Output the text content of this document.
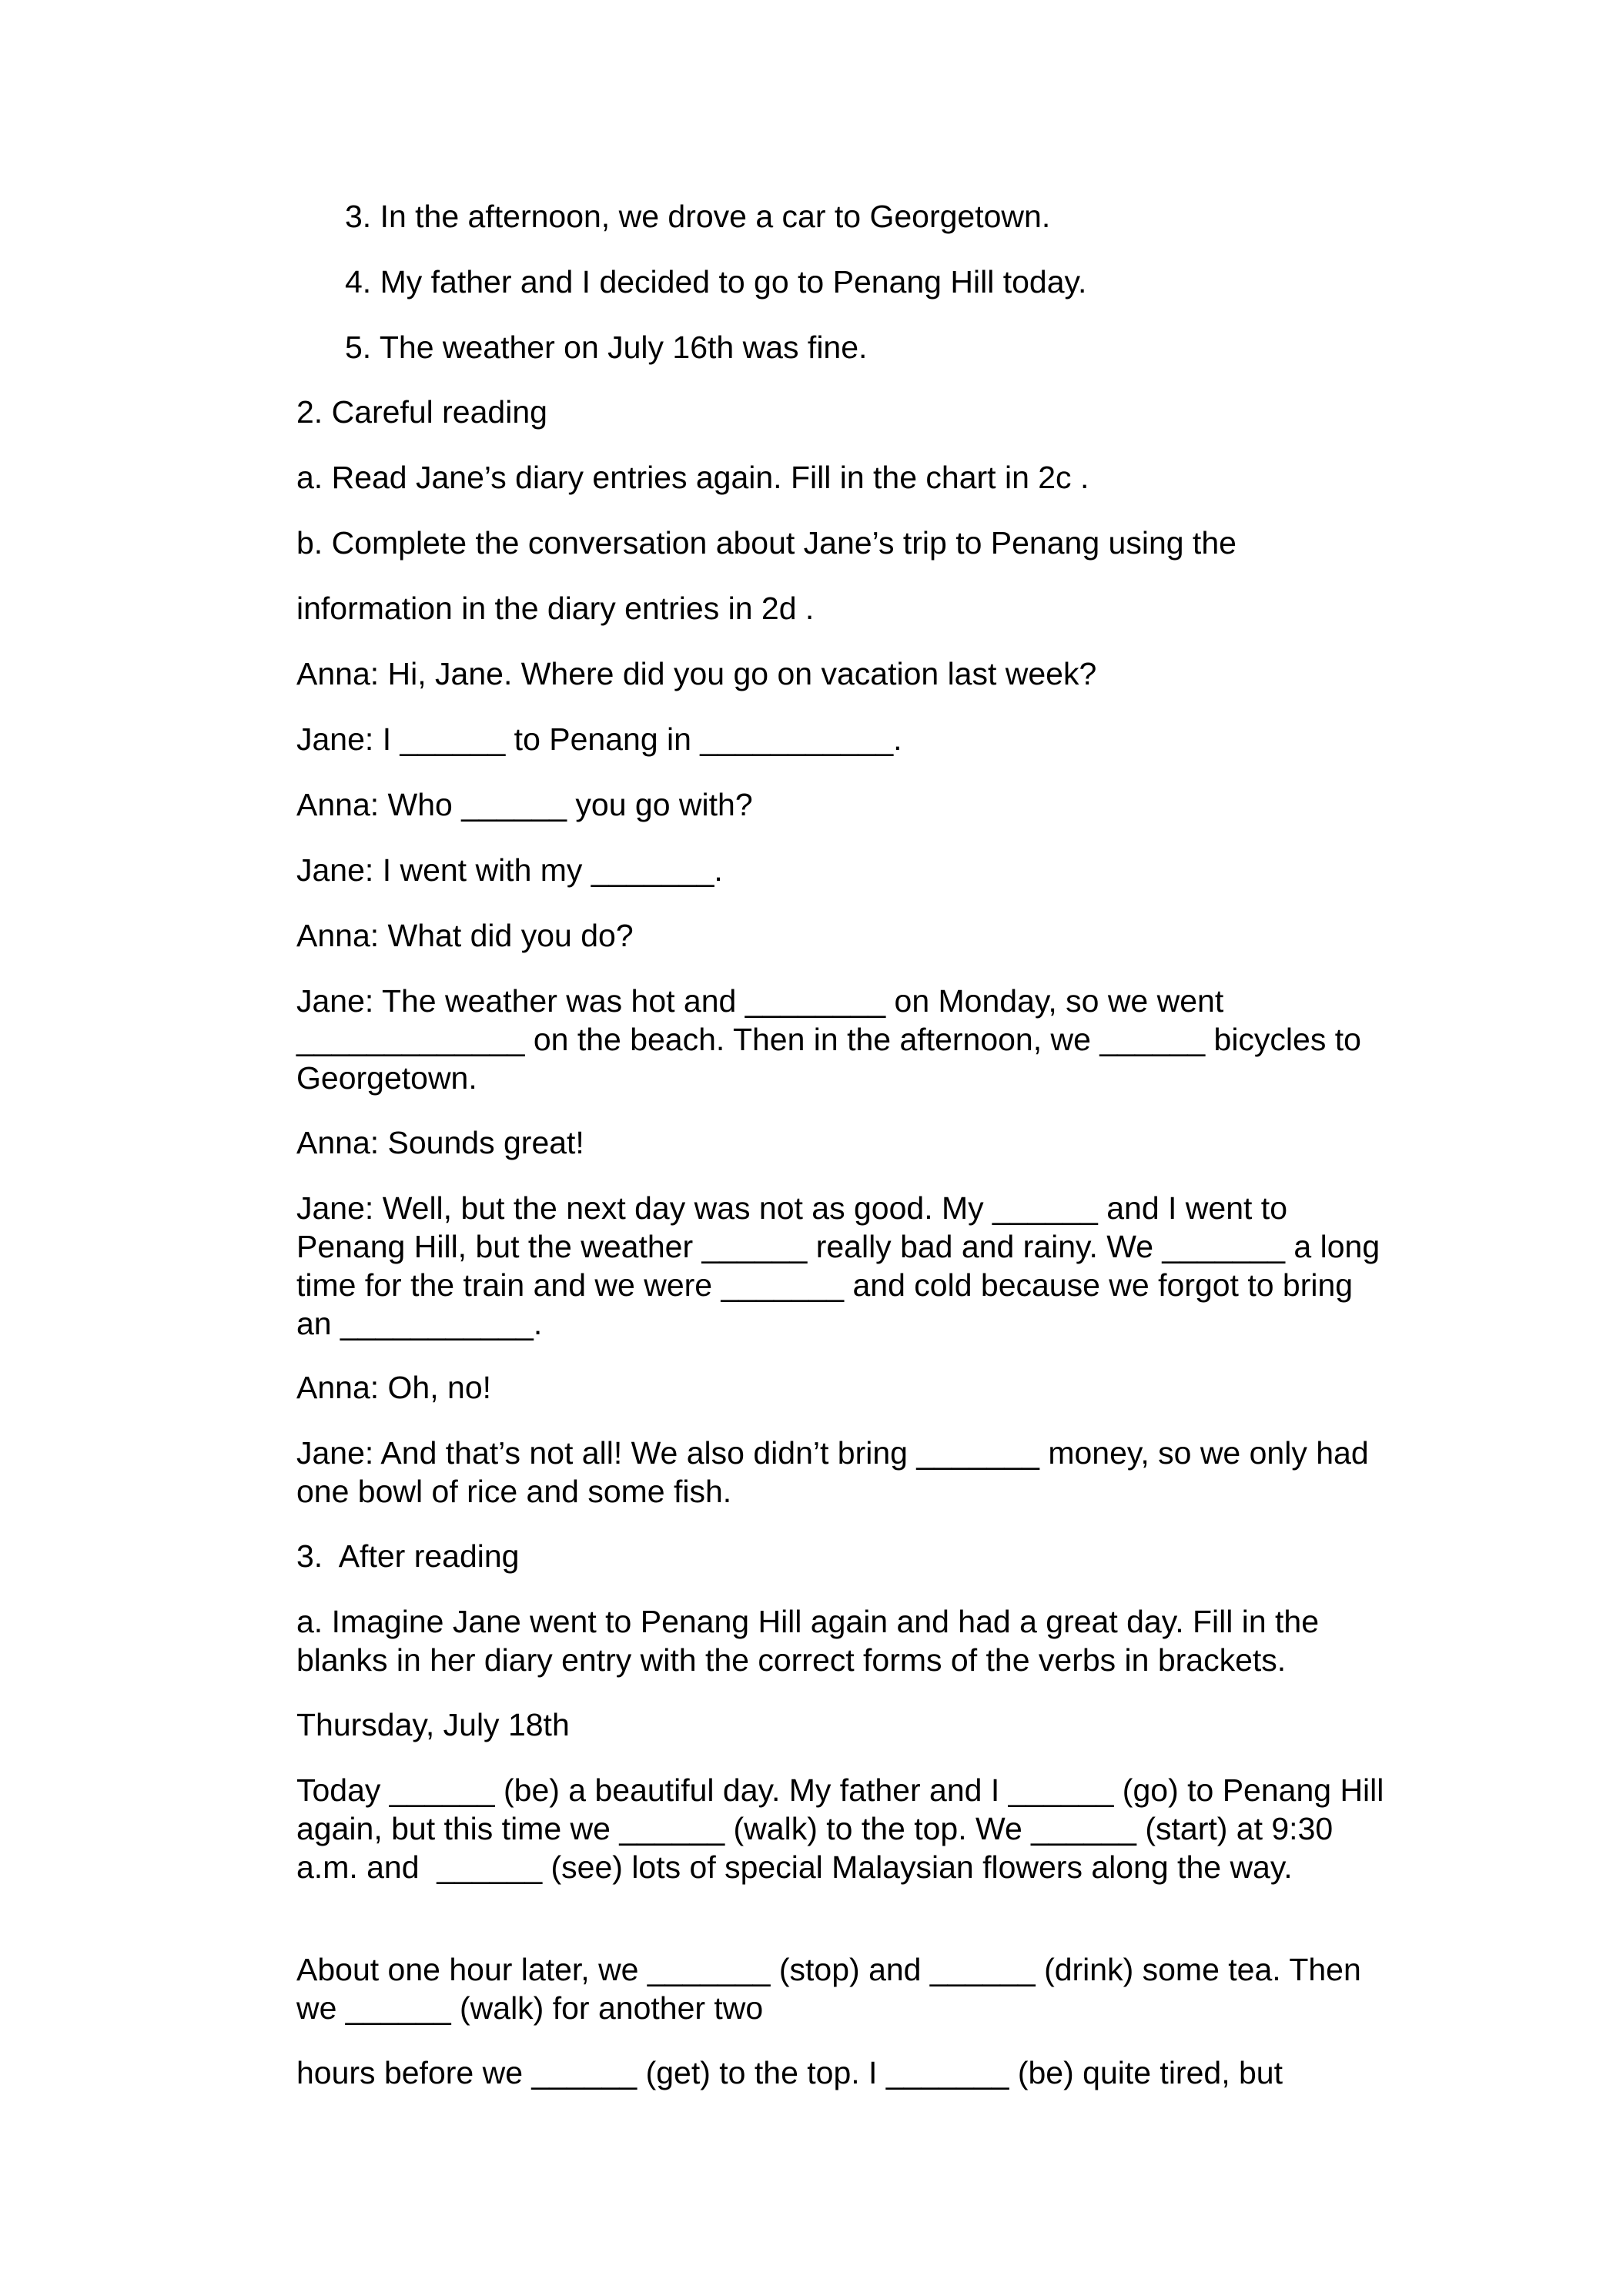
3. In the afternoon, we drove a car to Georgetown.

4. My father and I decided to go to Penang Hill today.

5. The weather on July 16th was fine.

2. Careful reading

a. Read Jane’s diary entries again. Fill in the chart in 2c .

b. Complete the conversation about Jane’s trip to Penang using the

information in the diary entries in 2d .

Anna: Hi, Jane. Where did you go on vacation last week?

Jane: I ______ to Penang in ___________.

Anna: Who ______ you go with?

Jane: I went with my _______.

Anna: What did you do?

Jane: The weather was hot and ________ on Monday, so we went _____________ on the beach. Then in the afternoon, we ______ bicycles to Georgetown.

Anna: Sounds great!

Jane: Well, but the next day was not as good. My ______ and I went to Penang Hill, but the weather ______ really bad and rainy. We _______ a long time for the train and we were _______ and cold because we forgot to bring an ___________.

Anna: Oh, no!

Jane: And that’s not all! We also didn’t bring _______ money, so we only had one bowl of rice and some fish.

3.  After reading

a. Imagine Jane went to Penang Hill again and had a great day. Fill in the blanks in her diary entry with the correct forms of the verbs in brackets.

Thursday, July 18th

Today ______ (be) a beautiful day. My father and I ______ (go) to Penang Hill again, but this time we ______ (walk) to the top. We ______ (start) at 9:30 a.m. and  ______ (see) lots of special Malaysian flowers along the way.

About one hour later, we _______ (stop) and ______ (drink) some tea. Then we ______ (walk) for another two

hours before we ______ (get) to the top. I _______ (be) quite tired, but
